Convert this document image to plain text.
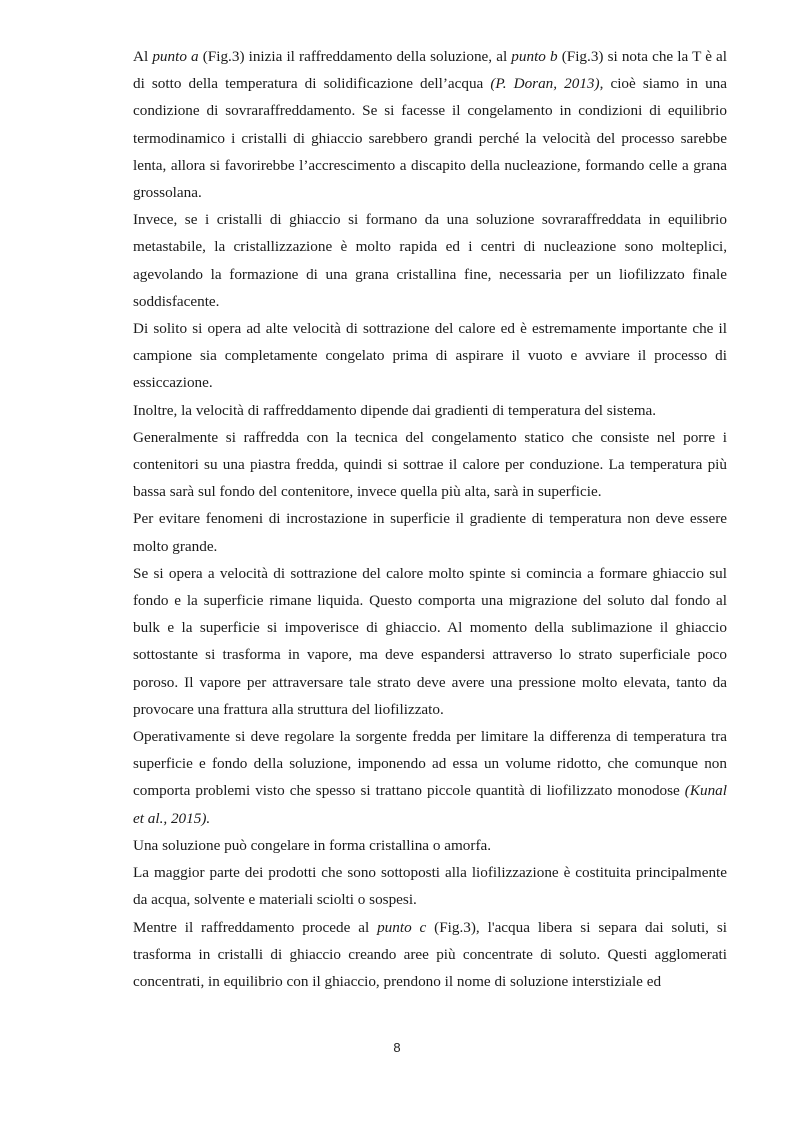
Al punto a (Fig.3) inizia il raffreddamento della soluzione, al punto b (Fig.3) si nota che la T è al di sotto della temperatura di solidificazione dell’acqua (P. Doran, 2013), cioè siamo in una condizione di sovraraffreddamento. Se si facesse il congelamento in condizioni di equilibrio termodinamico i cristalli di ghiaccio sarebbero grandi perché la velocità del processo sarebbe lenta, allora si favorirebbe l’accrescimento a discapito della nucleazione, formando celle a grana grossolana.

Invece, se i cristalli di ghiaccio si formano da una soluzione sovraraffreddata in equilibrio metastabile, la cristallizzazione è molto rapida ed i centri di nucleazione sono molteplici, agevolando la formazione di una grana cristallina fine, necessaria per un liofilizzato finale soddisfacente.

Di solito si opera ad alte velocità di sottrazione del calore ed è estremamente importante che il campione sia completamente congelato prima di aspirare il vuoto e avviare il processo di essiccazione.

Inoltre, la velocità di raffreddamento dipende dai gradienti di temperatura del sistema.

Generalmente si raffredda con la tecnica del congelamento statico che consiste nel porre i contenitori su una piastra fredda, quindi si sottrae il calore per conduzione. La temperatura più bassa sarà sul fondo del contenitore, invece quella più alta, sarà in superficie.

Per evitare fenomeni di incrostazione in superficie il gradiente di temperatura non deve essere molto grande.

Se si opera a velocità di sottrazione del calore molto spinte si comincia a formare ghiaccio sul fondo e la superficie rimane liquida. Questo comporta una migrazione del soluto dal fondo al bulk e la superficie si impoverisce di ghiaccio. Al momento della sublimazione il ghiaccio sottostante si trasforma in vapore, ma deve espandersi attraverso lo strato superficiale poco poroso. Il vapore per attraversare tale strato deve avere una pressione molto elevata, tanto da provocare una frattura alla struttura del liofilizzato.

Operativamente si deve regolare la sorgente fredda per limitare la differenza di temperatura tra superficie e fondo della soluzione, imponendo ad essa un volume ridotto, che comunque non comporta problemi visto che spesso si trattano piccole quantità di liofilizzato monodose (Kunal et al., 2015).

Una soluzione può congelare in forma cristallina o amorfa.

La maggior parte dei prodotti che sono sottoposti alla liofilizzazione è costituita principalmente da acqua, solvente e materiali sciolti o sospesi.

Mentre il raffreddamento procede al punto c (Fig.3), l'acqua libera si separa dai soluti, si trasforma in cristalli di ghiaccio creando aree più concentrate di soluto. Questi agglomerati concentrati, in equilibrio con il ghiaccio, prendono il nome di soluzione interstiziale ed

8
